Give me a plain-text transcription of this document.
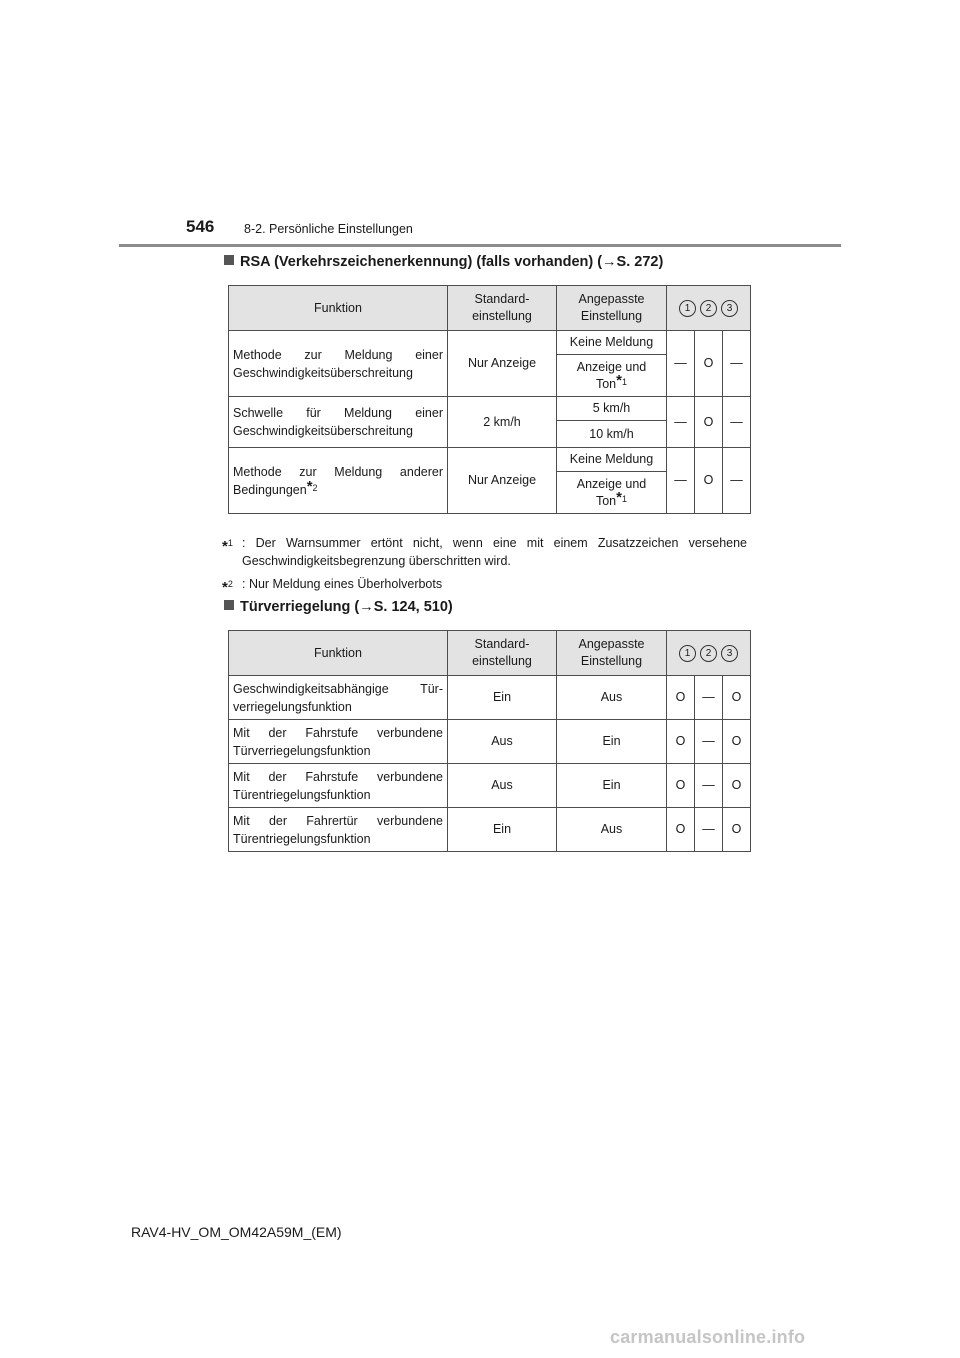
546 8-2. Persönliche Einstellungen
RSA (Verkehrszeichenerkennung) (falls vorhanden) (→S. 272)
Funktion	Standard-einstellung	Angepasste Einstellung	1 2 3		

Methode zur Meldung einer Geschwindigkeitsüberschreitung	Nur Anzeige	Keine Meldung	—	O	—
		Anzeige und Ton$^{*1}$

Schwelle für Meldung einer Geschwindigkeitsüberschreitung	2 km/h	5 km/h	—	O	—
		10 km/h			
Methode zur Meldung anderer Bedingungen$^{*2}$	Nur Anzeige	Keine Meldung	—	O	—
		Anzeige und Ton$^{*1}$
*$^1$ : Der Warnsummer ertönt nicht, wenn eine mit einem Zusatzzeichen versehene Geschwindigkeitsbegrenzung überschritten wird.
*$^2$ : Nur Meldung eines Überholverbots
Türverriegelung (→S. 124, 510)
Funktion	Standard-einstellung	Angepasste Einstellung	1 2 3		

Geschwindigkeitsabhängige Tür-verriegelungsfunktion	Ein	Aus	O	—	O

Mit der Fahrstufe verbundene Türverriegelungsfunktion	Aus	Ein	O	—	O

Mit der Fahrstufe verbundene Türentriegelungsfunktion	Aus	Ein	O	—	O

Mit der Fahrertür verbundene Türentriegelungsfunktion	Ein	Aus	O	—	O
RAV4-HV_OM_OM42A59M_(EM)
carmanualsonline.info
